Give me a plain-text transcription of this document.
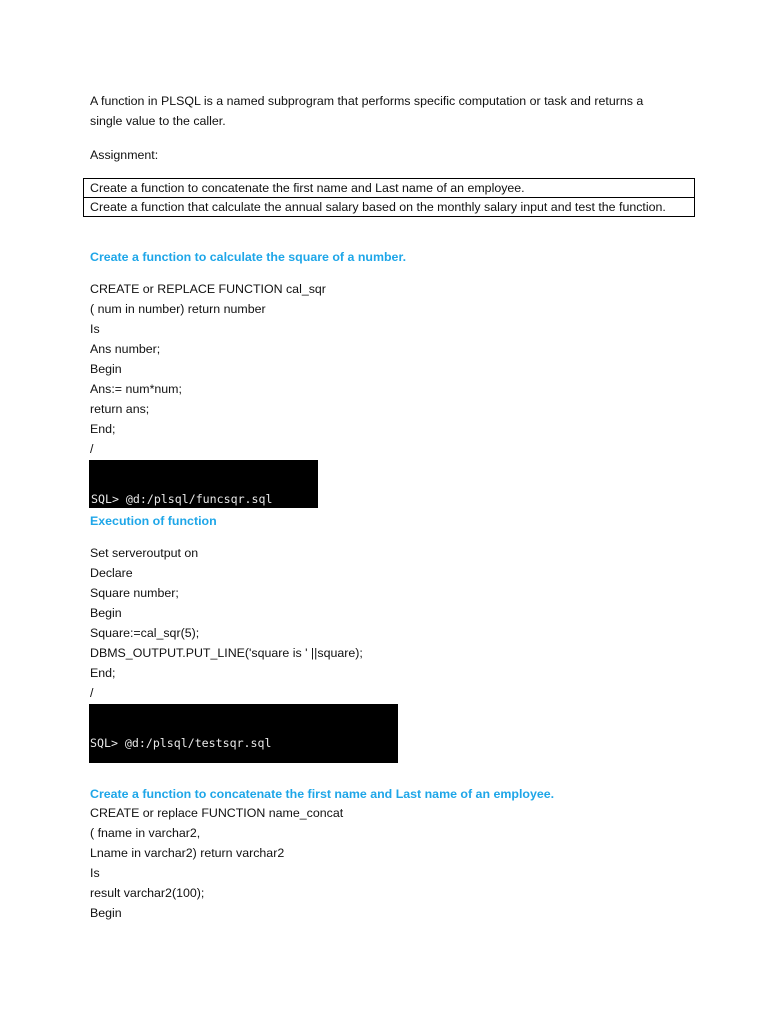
A function in PLSQL is a named subprogram that performs specific computation or task and returns a
single value to the caller.
Assignment:
Create a function to concatenate the first name and Last name of an employee.
Create a function that calculate the annual salary based on the monthly salary input and test the function.
Create a function to calculate the square of a number.
CREATE or REPLACE FUNCTION cal_sqr
( num in number) return number
Is
Ans number;
Begin
Ans:= num*num;
return ans;
End;
/

SQL> @d:/plsql/funcsqr.sql

Execution of function
Set serveroutput on
Declare
Square number;
Begin
Square:=cal_sqr(5);
DBMS_OUTPUT.PUT_LINE('square is ' ||square);
End;
/

SQL> @d:/plsql/testsqr.sql

Create a function to concatenate the first name and Last name of an employee.
CREATE or replace FUNCTION name_concat
( fname in varchar2,
Lname in varchar2) return varchar2
Is
result varchar2(100);
Begin
